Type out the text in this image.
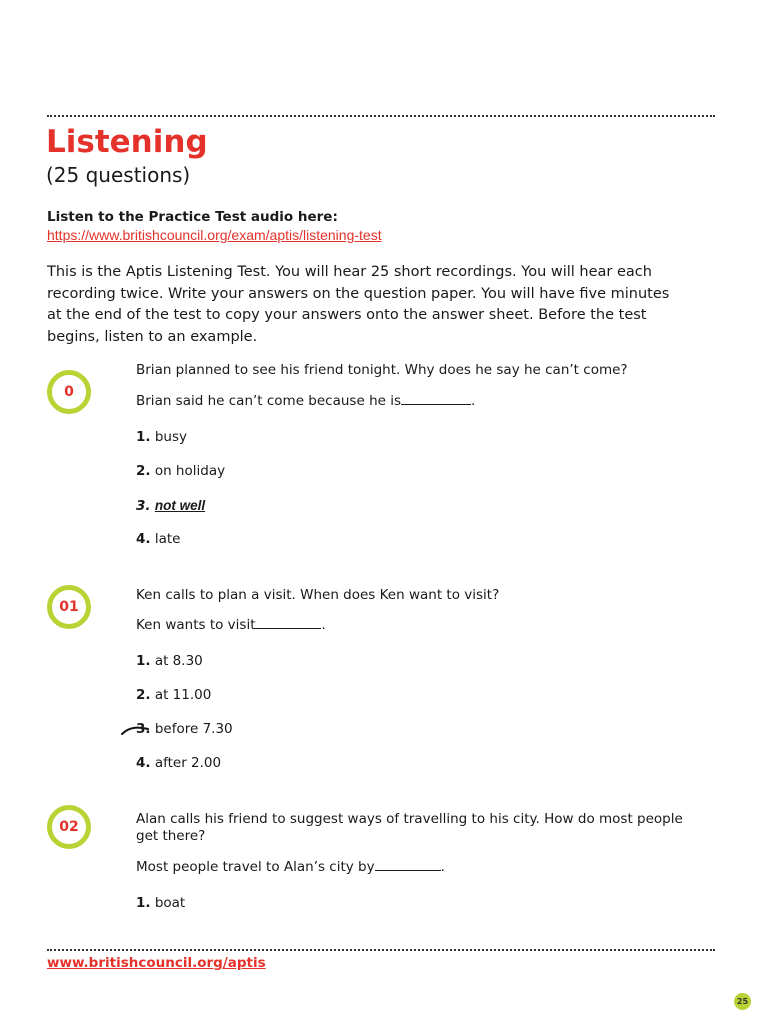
Listening
(25 questions)
Listen to the Practice Test audio here:
https://www.britishcouncil.org/exam/aptis/listening-test

This is the Aptis Listening Test. You will hear 25 short recordings. You will hear each recording twice. Write your answers on the question paper. You will have five minutes at the end of the test to copy your answers onto the answer sheet. Before the test begins, listen to an example.

0

Brian planned to see his friend tonight. Why does he say he can’t come?

Brian said he can’t come because he is	.
1. busy
2. on holiday
3. not well
4. late
01

Ken calls to plan a visit. When does Ken want to visit?

Ken wants to visit	.
1. at 8.30
2. at 11.00
3. before 7.30
4. after 2.00
02	Alan calls his friend to suggest ways of travelling to his city. How do most people get there?

Most people travel to Alan’s city by	.
1. boat
www.britishcouncil.org/aptis
25
